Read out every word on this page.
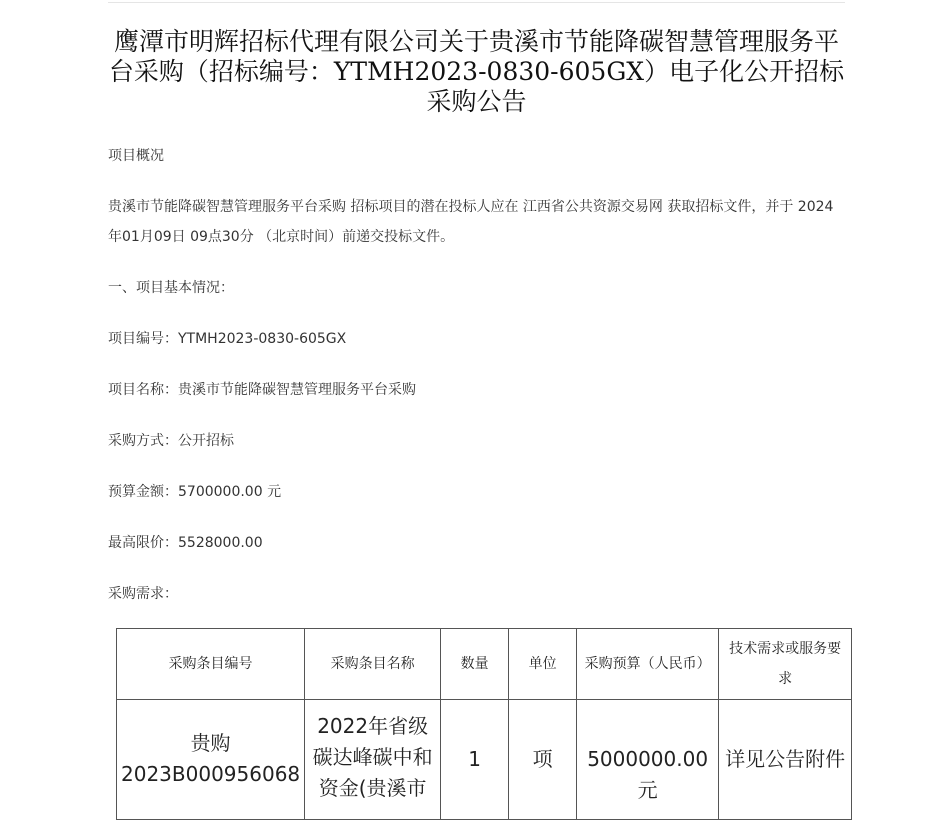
鹰潭市明辉招标代理有限公司关于贵溪市节能降碳智慧管理服务平台采购（招标编号：YTMH2023-0830-605GX）电子化公开招标采购公告

项目概况

贵溪市节能降碳智慧管理服务平台采购 招标项目的潜在投标人应在 江西省公共资源交易网 获取招标文件，并于 2024年01月09日 09点30分 （北京时间）前递交投标文件。

一、项目基本情况：

项目编号：YTMH2023-0830-605GX

项目名称：贵溪市节能降碳智慧管理服务平台采购

采购方式：公开招标

预算金额：5700000.00 元

最高限价：5528000.00

采购需求：

采购条目编号	采购条目名称	数量	单位	采购预算（人民币）	技术需求或服务要求

贵购2023B000956068	2022年省级碳达峰碳中和资金(贵溪市	1	项	5000000.00元	详见公告附件
